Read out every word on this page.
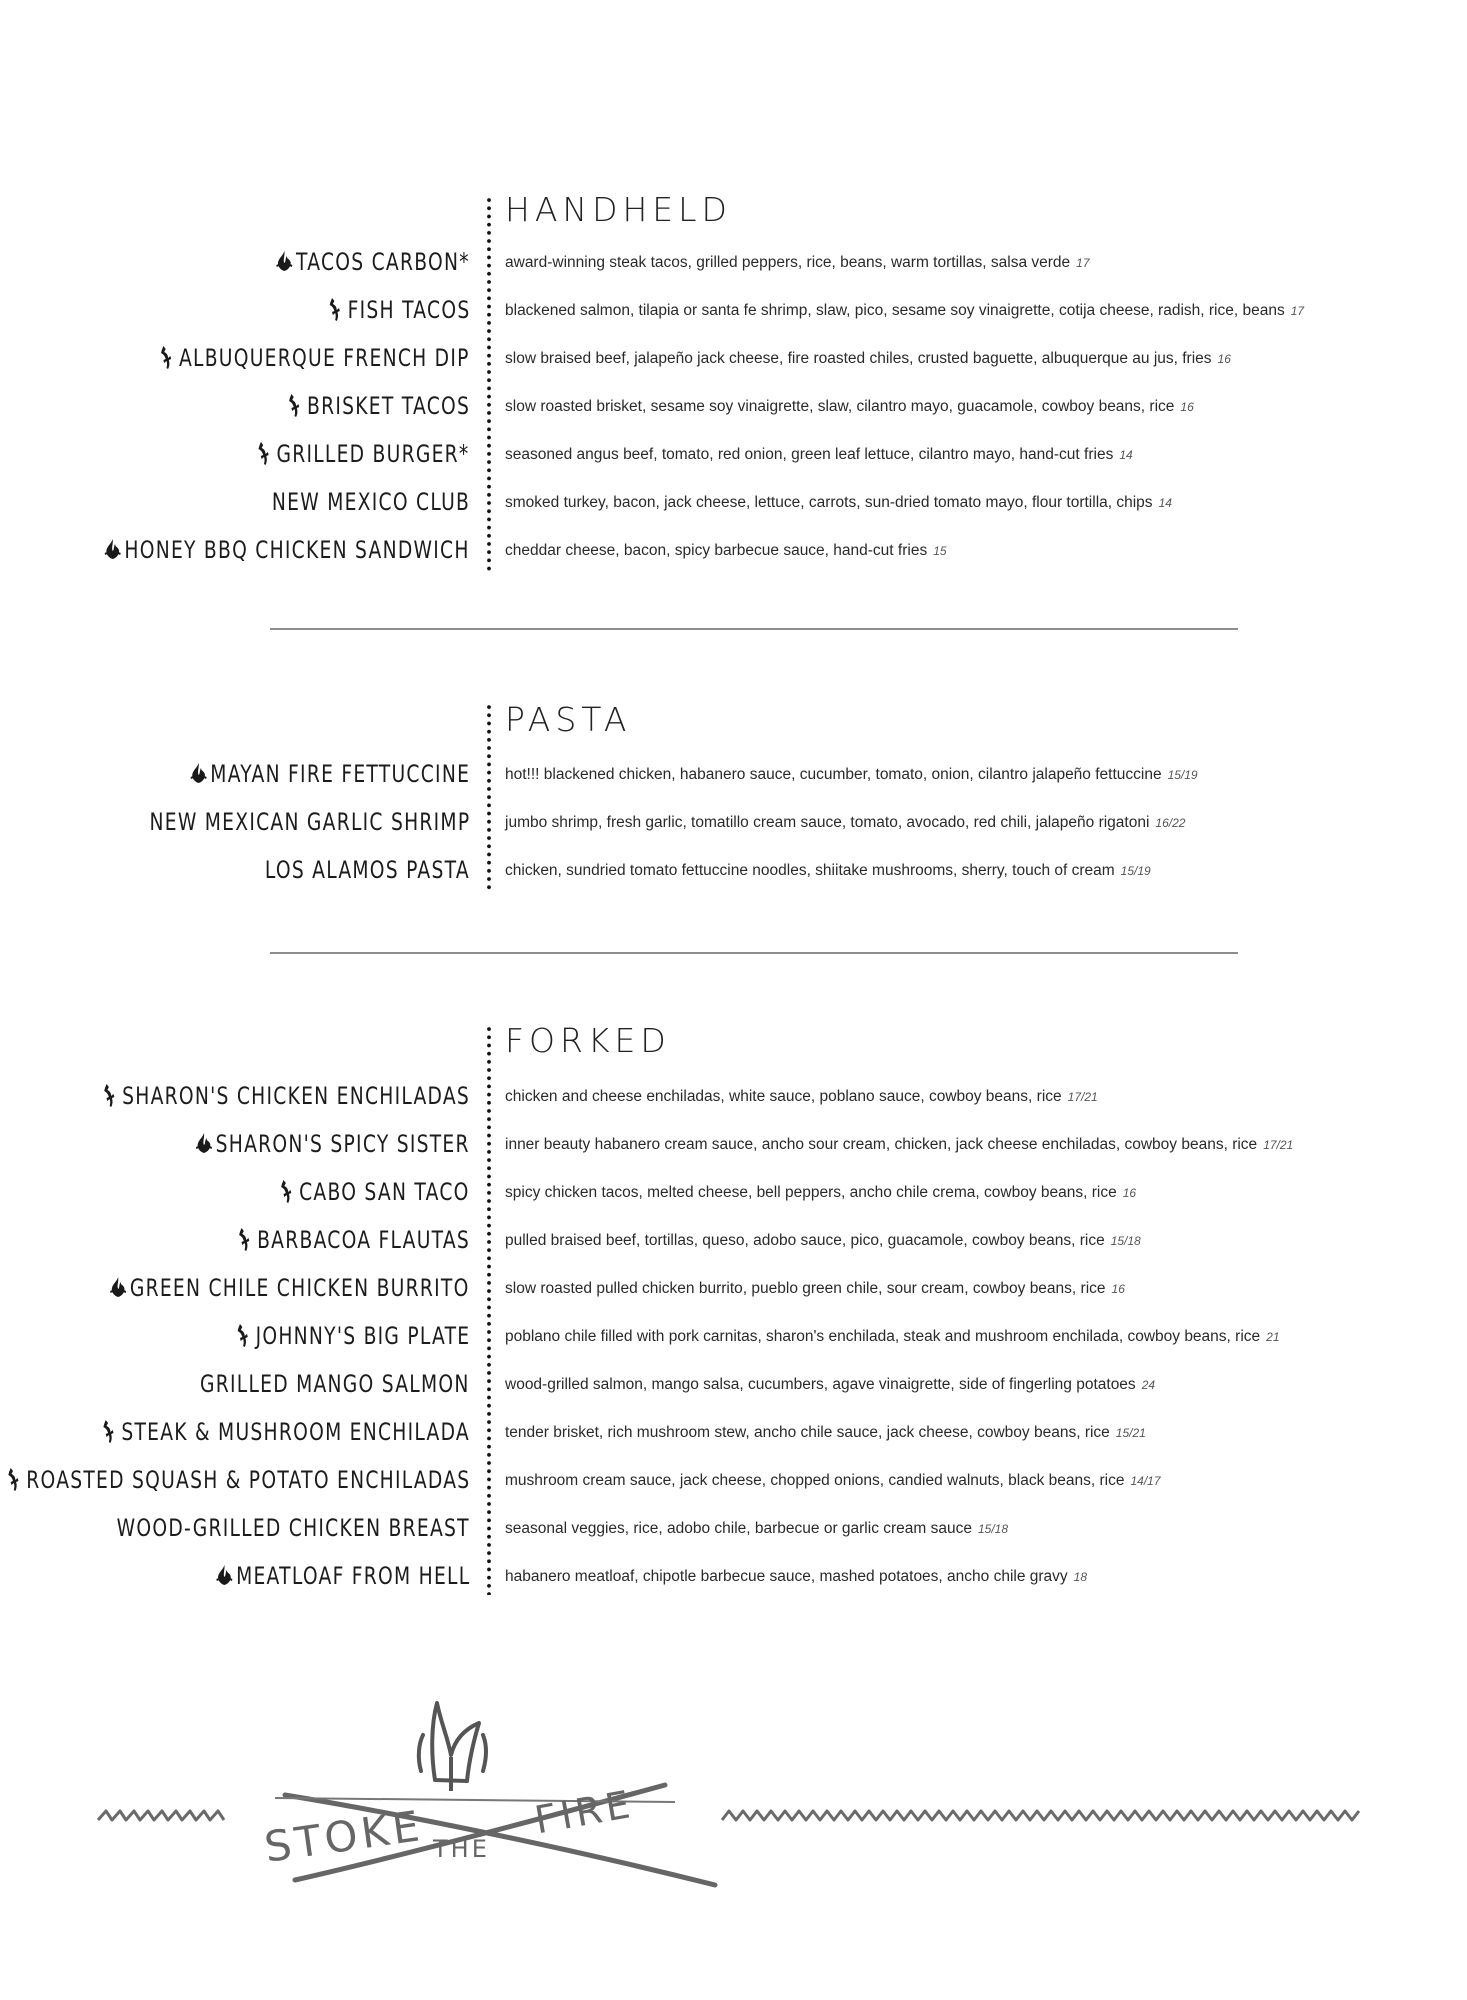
HANDHELD
TACOS CARBON* award-winning steak tacos, grilled peppers, rice, beans, warm tortillas, salsa verde 17
FISH TACOS blackened salmon, tilapia or santa fe shrimp, slaw, pico, sesame soy vinaigrette, cotija cheese, radish, rice, beans 17
ALBUQUERQUE FRENCH DIP slow braised beef, jalapeño jack cheese, fire roasted chiles, crusted baguette, albuquerque au jus, fries 16
BRISKET TACOS slow roasted brisket, sesame soy vinaigrette, slaw, cilantro mayo, guacamole, cowboy beans, rice 16
GRILLED BURGER* seasoned angus beef, tomato, red onion, green leaf lettuce, cilantro mayo, hand-cut fries 14
NEW MEXICO CLUB smoked turkey, bacon, jack cheese, lettuce, carrots, sun-dried tomato mayo, flour tortilla, chips 14
HONEY BBQ CHICKEN SANDWICH cheddar cheese, bacon, spicy barbecue sauce, hand-cut fries 15
PASTA
MAYAN FIRE FETTUCCINE hot!!! blackened chicken, habanero sauce, cucumber, tomato, onion, cilantro jalapeño fettuccine 15/19
NEW MEXICAN GARLIC SHRIMP jumbo shrimp, fresh garlic, tomatillo cream sauce, tomato, avocado, red chili, jalapeño rigatoni 16/22
LOS ALAMOS PASTA chicken, sundried tomato fettuccine noodles, shiitake mushrooms, sherry, touch of cream 15/19
FORKED
SHARON'S CHICKEN ENCHILADAS chicken and cheese enchiladas, white sauce, poblano sauce, cowboy beans, rice 17/21
SHARON'S SPICY SISTER inner beauty habanero cream sauce, ancho sour cream, chicken, jack cheese enchiladas, cowboy beans, rice 17/21
CABO SAN TACO spicy chicken tacos, melted cheese, bell peppers, ancho chile crema, cowboy beans, rice 16
BARBACOA FLAUTAS pulled braised beef, tortillas, queso, adobo sauce, pico, guacamole, cowboy beans, rice 15/18
GREEN CHILE CHICKEN BURRITO slow roasted pulled chicken burrito, pueblo green chile, sour cream, cowboy beans, rice 16
JOHNNY'S BIG PLATE poblano chile filled with pork carnitas, sharon's enchilada, steak and mushroom enchilada, cowboy beans, rice 21
GRILLED MANGO SALMON wood-grilled salmon, mango salsa, cucumbers, agave vinaigrette, side of fingerling potatoes 24
STEAK & MUSHROOM ENCHILADA tender brisket, rich mushroom stew, ancho chile sauce, jack cheese, cowboy beans, rice 15/21
ROASTED SQUASH & POTATO ENCHILADAS mushroom cream sauce, jack cheese, chopped onions, candied walnuts, black beans, rice 14/17
WOOD-GRILLED CHICKEN BREAST seasonal veggies, rice, adobo chile, barbecue or garlic cream sauce 15/18
MEATLOAF FROM HELL habanero meatloaf, chipotle barbecue sauce, mashed potatoes, ancho chile gravy 18
STOKE THE
FIRE
